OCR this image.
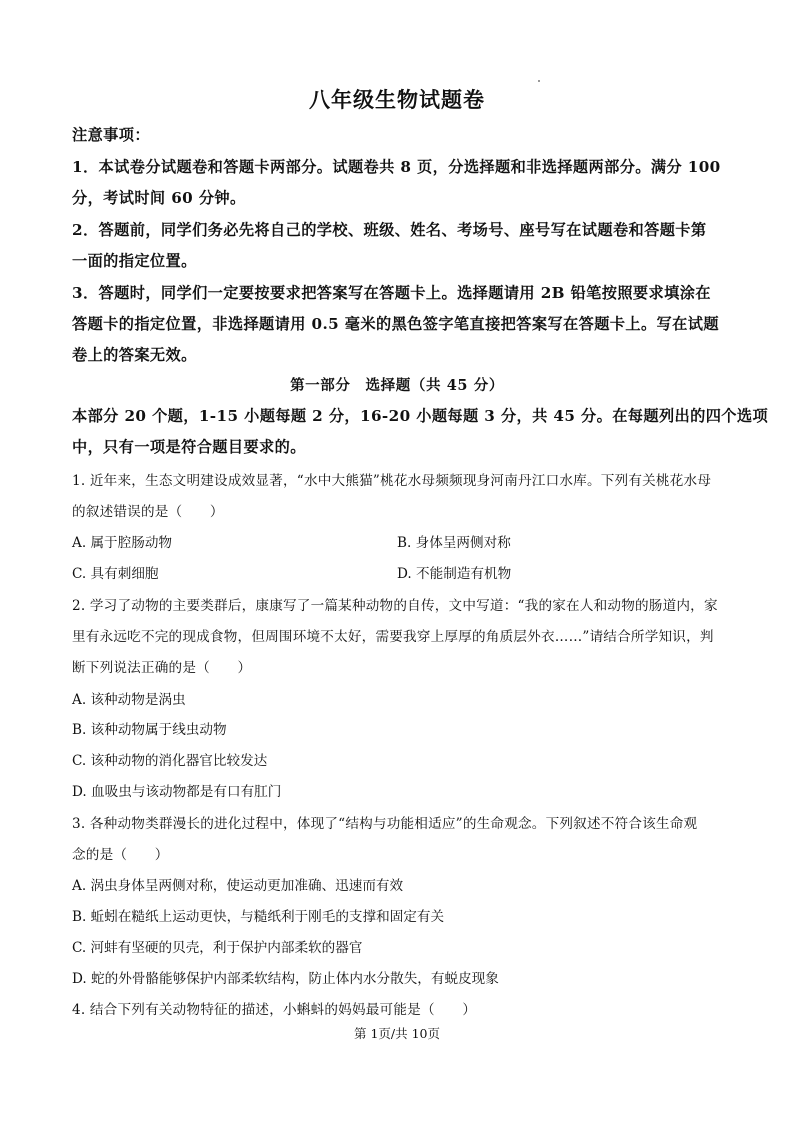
八年级生物试题卷
注意事项：
1．本试卷分试题卷和答题卡两部分。试题卷共 8 页，分选择题和非选择题两部分。满分 100
分，考试时间 60 分钟。
2．答题前，同学们务必先将自己的学校、班级、姓名、考场号、座号写在试题卷和答题卡第
一面的指定位置。
3．答题时，同学们一定要按要求把答案写在答题卡上。选择题请用 2B 铅笔按照要求填涂在
答题卡的指定位置，非选择题请用 0.5 毫米的黑色签字笔直接把答案写在答题卡上。写在试题
卷上的答案无效。
第一部分　选择题（共 45 分）
本部分 20 个题，1-15 小题每题 2 分，16-20 小题每题 3 分，共 45 分。在每题列出的四个选项
中，只有一项是符合题目要求的。
1. 近年来，生态文明建设成效显著，“水中大熊猫”桃花水母频频现身河南丹江口水库。下列有关桃花水母
的叙述错误的是（　　）
A. 属于腔肠动物	B. 身体呈两侧对称
C. 具有刺细胞	D. 不能制造有机物
2. 学习了动物的主要类群后，康康写了一篇某种动物的自传，文中写道：“我的家在人和动物的肠道内，家
里有永远吃不完的现成食物，但周围环境不太好，需要我穿上厚厚的角质层外衣……”请结合所学知识，判
断下列说法正确的是（　　）
A. 该种动物是涡虫
B. 该种动物属于线虫动物
C. 该种动物的消化器官比较发达
D. 血吸虫与该动物都是有口有肛门
3. 各种动物类群漫长的进化过程中，体现了“结构与功能相适应”的生命观念。下列叙述不符合该生命观
念的是（　　）
A. 涡虫身体呈两侧对称，使运动更加准确、迅速而有效
B. 蚯蚓在糙纸上运动更快，与糙纸利于刚毛的支撑和固定有关
C. 河蚌有坚硬的贝壳，利于保护内部柔软的器官
D. 蛇的外骨骼能够保护内部柔软结构，防止体内水分散失，有蜕皮现象
4. 结合下列有关动物特征的描述，小蝌蚪的妈妈最可能是（　　）
第 1页/共 10页
